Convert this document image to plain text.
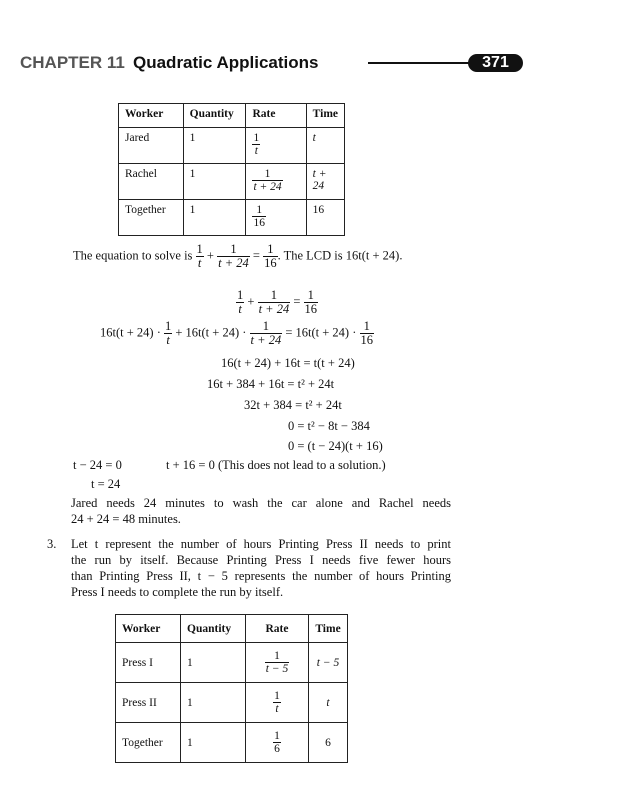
CHAPTER 11 Quadratic Applications	371
Worker	Quantity	Rate	Time
Jared	1	$\frac{1}{t}$	t
Rachel	1	$\frac{1}{t + 24}$	t + 24
Together	1	$\frac{1}{16}$	16
The equation to solve is $\frac{1}{t} + \frac{1}{t + 24} = \frac{1}{16}$ . The LCD is 16t(t + 24).
$\frac{1}{t} + \frac{1}{t + 24} = \frac{1}{16}$
$16t(t + 24) \cdot \frac{1}{t} + 16t(t + 24) \cdot \frac{1}{t + 24} = 16t(t + 24) \cdot \frac{1}{16}$
16(t + 24) + 16t = t(t + 24)
16t + 384 + 16t = t² + 24t
32t + 384 = t² + 24t
0 = t² − 8t − 384
0 = (t − 24)(t + 16)
t − 24 = 0	t + 16 = 0 (This does not lead to a solution.)
t = 24
Jared needs 24 minutes to wash the car alone and Rachel needs
24 + 24 = 48 minutes.
3. Let t represent the number of hours Printing Press II needs to print
the run by itself. Because Printing Press I needs five fewer hours
than Printing Press II, t − 5 represents the number of hours Printing
Press I needs to complete the run by itself.
Worker	Quantity	Rate	Time
Press I	1	$\frac{1}{t - 5}$	t − 5
Press II	1	$\frac{1}{t}$	t
Together	1	$\frac{1}{6}$	6
